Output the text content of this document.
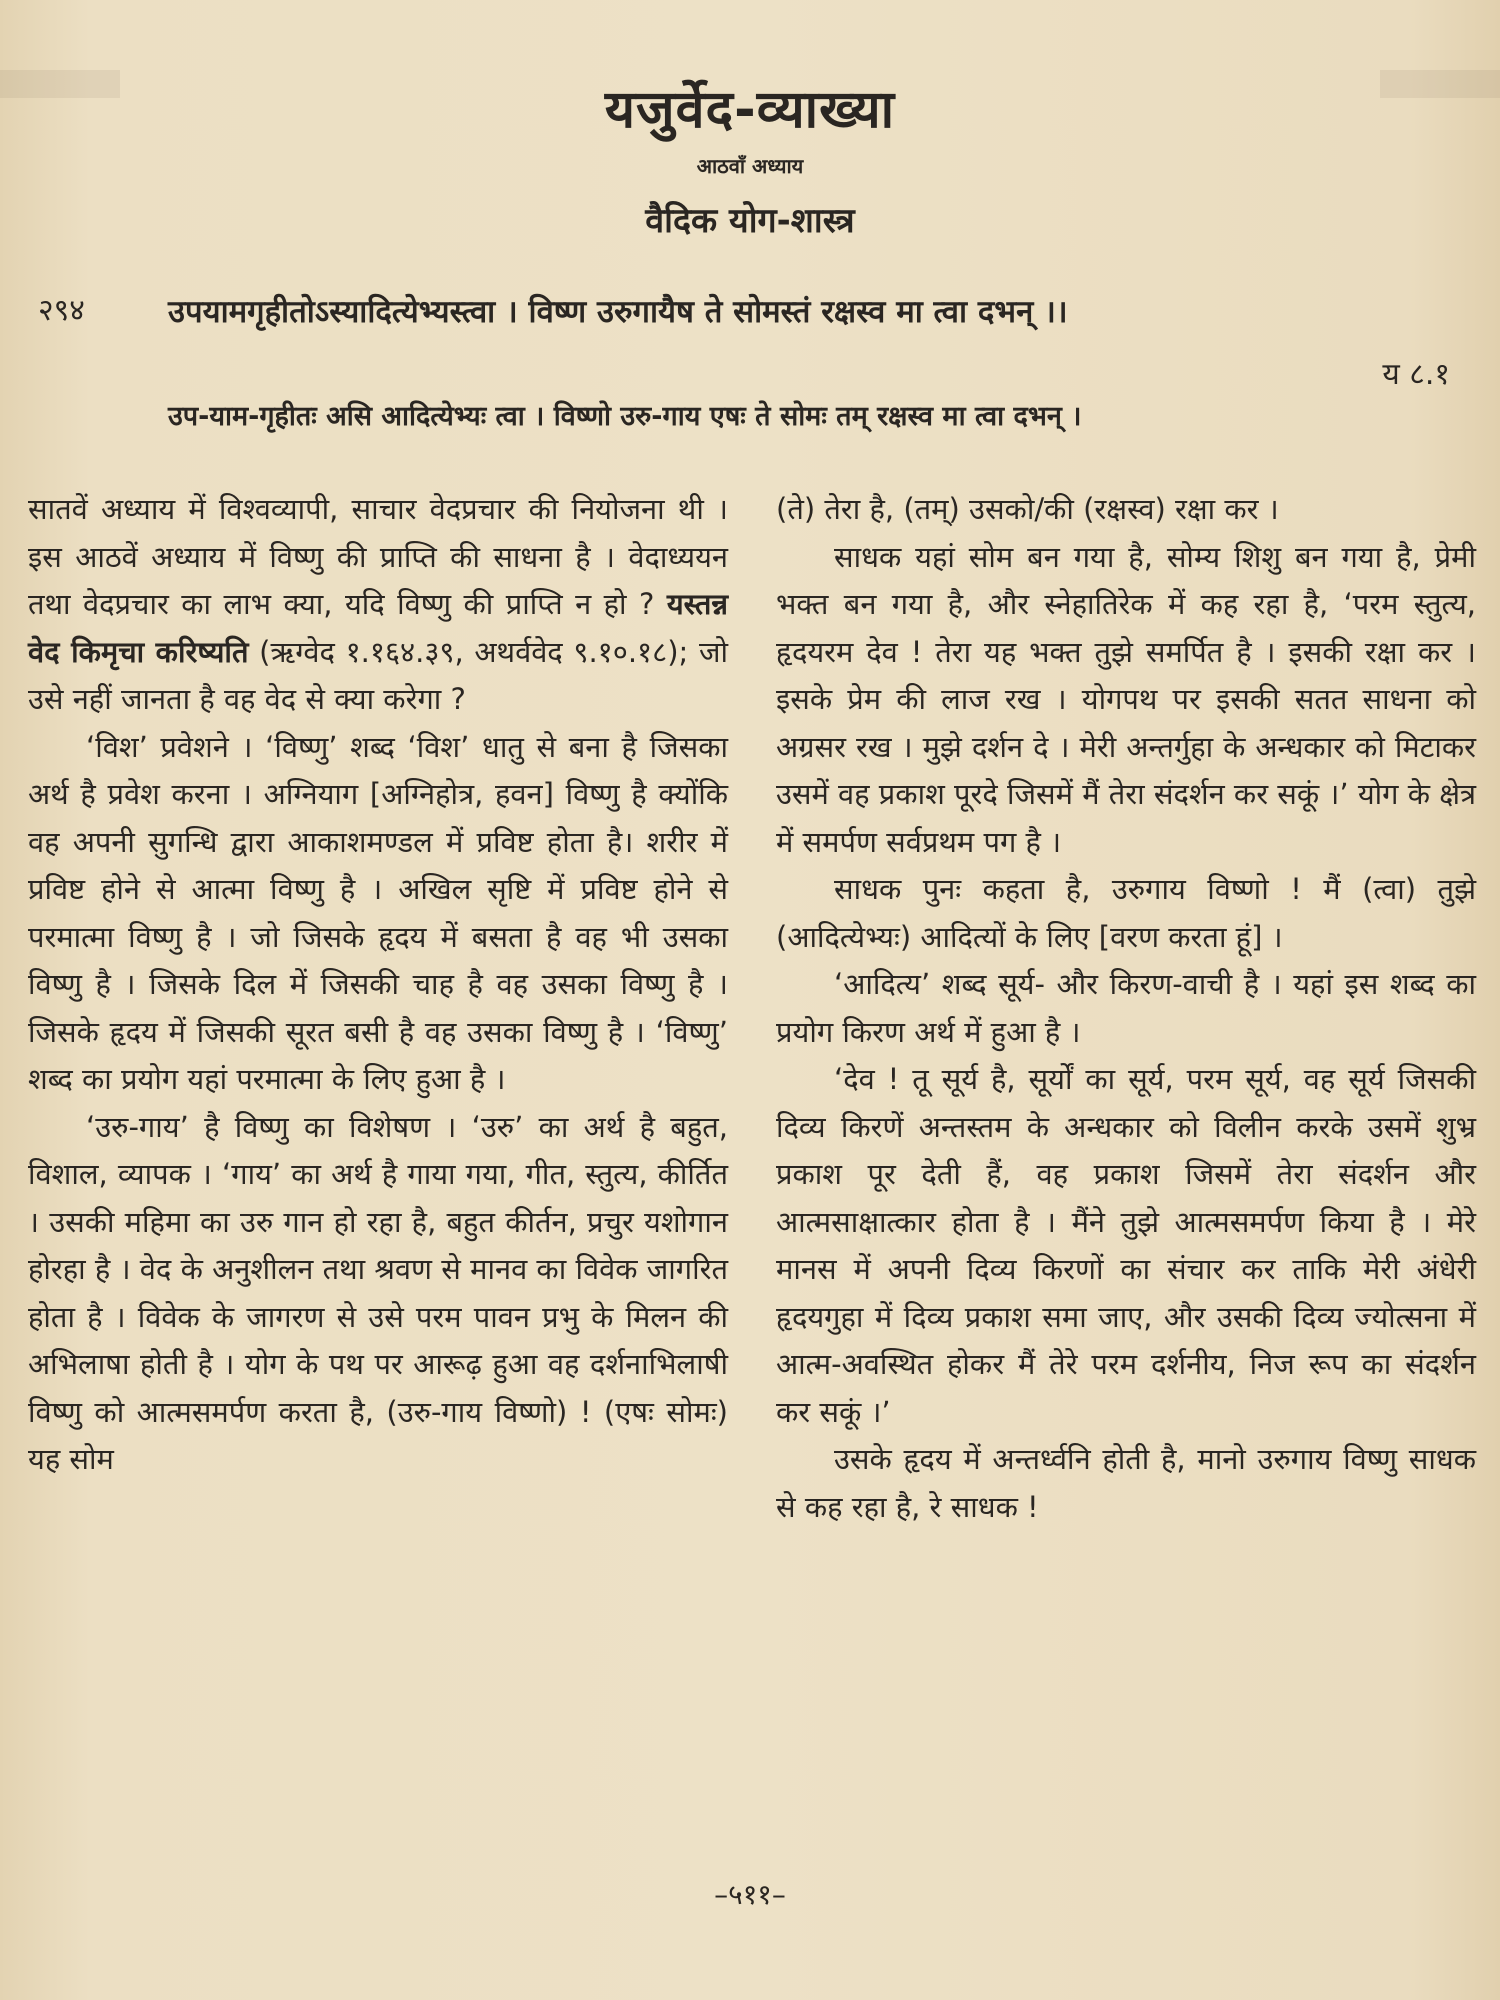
यजुर्वेद-व्याख्या
आठवाँ अध्याय
वैदिक योग-शास्त्र
२९४	उपयामगृहीतोऽस्यादित्येभ्यस्त्वा । विष्ण उरुगायैष ते सोमस्तं रक्षस्व मा त्वा दभन् ।।
य ८.१
उप-याम-गृहीतः असि आदित्येभ्यः त्वा । विष्णो उरु-गाय एषः ते सोमः तम् रक्षस्व मा त्वा दभन् ।

सातवें अध्याय में विश्वव्यापी, साचार वेदप्रचार की नियोजना थी । इस आठवें अध्याय में विष्णु की प्राप्ति की साधना है । वेदाध्ययन तथा वेदप्रचार का लाभ क्या, यदि विष्णु की प्राप्ति न हो ? यस्तन्न वेद किमृचा करिष्यति (ऋग्वेद १.१६४.३९, अथर्ववेद ९.१०.१८); जो उसे नहीं जानता है वह वेद से क्या करेगा ?

‘विश’ प्रवेशने । ‘विष्णु’ शब्द ‘विश’ धातु से बना है जिसका अर्थ है प्रवेश करना । अग्नियाग [अग्निहोत्र, हवन] विष्णु है क्योंकि वह अपनी सुगन्धि द्वारा आकाशमण्डल में प्रविष्ट होता है। शरीर में प्रविष्ट होने से आत्मा विष्णु है । अखिल सृष्टि में प्रविष्ट होने से परमात्मा विष्णु है । जो जिसके हृदय में बसता है वह भी उसका विष्णु है । जिसके दिल में जिसकी चाह है वह उसका विष्णु है । जिसके हृदय में जिसकी सूरत बसी है वह उसका विष्णु है । ‘विष्णु’ शब्द का प्रयोग यहां परमात्मा के लिए हुआ है ।

‘उरु-गाय’ है विष्णु का विशेषण । ‘उरु’ का अर्थ है बहुत, विशाल, व्यापक । ‘गाय’ का अर्थ है गाया गया, गीत, स्तुत्य, कीर्तित । उसकी महिमा का उरु गान हो रहा है, बहुत कीर्तन, प्रचुर यशोगान होरहा है । वेद के अनुशीलन तथा श्रवण से मानव का विवेक जागरित होता है । विवेक के जागरण से उसे परम पावन प्रभु के मिलन की अभिलाषा होती है । योग के पथ पर आरूढ़ हुआ वह दर्शनाभिलाषी विष्णु को आत्मसमर्पण करता है, (उरु-गाय विष्णो) ! (एषः सोमः) यह सोम

(ते) तेरा है, (तम्) उसको/की (रक्षस्व) रक्षा कर ।

साधक यहां सोम बन गया है, सोम्य शिशु बन गया है, प्रेमी भक्त बन गया है, और स्नेहातिरेक में कह रहा है, ‘परम स्तुत्य, हृदयरम देव ! तेरा यह भक्त तुझे समर्पित है । इसकी रक्षा कर । इसके प्रेम की लाज रख । योगपथ पर इसकी सतत साधना को अग्रसर रख । मुझे दर्शन दे । मेरी अन्तर्गुहा के अन्धकार को मिटाकर उसमें वह प्रकाश पूरदे जिसमें मैं तेरा संदर्शन कर सकूं ।’ योग के क्षेत्र में समर्पण सर्वप्रथम पग है ।

साधक पुनः कहता है, उरुगाय विष्णो ! मैं (त्वा) तुझे (आदित्येभ्यः) आदित्यों के लिए [वरण करता हूं] ।

‘आदित्य’ शब्द सूर्य- और किरण-वाची है । यहां इस शब्द का प्रयोग किरण अर्थ में हुआ है ।

‘देव ! तू सूर्य है, सूर्यों का सूर्य, परम सूर्य, वह सूर्य जिसकी दिव्य किरणें अन्तस्तम के अन्धकार को विलीन करके उसमें शुभ्र प्रकाश पूर देती हैं, वह प्रकाश जिसमें तेरा संदर्शन और आत्मसाक्षात्कार होता है । मैंने तुझे आत्मसमर्पण किया है । मेरे मानस में अपनी दिव्य किरणों का संचार कर ताकि मेरी अंधेरी हृदयगुहा में दिव्य प्रकाश समा जाए, और उसकी दिव्य ज्योत्सना में आत्म-अवस्थित होकर मैं तेरे परम दर्शनीय, निज रूप का संदर्शन कर सकूं ।’

उसके हृदय में अन्तर्ध्वनि होती है, मानो उरुगाय विष्णु साधक से कह रहा है, रे साधक !

–५११–
